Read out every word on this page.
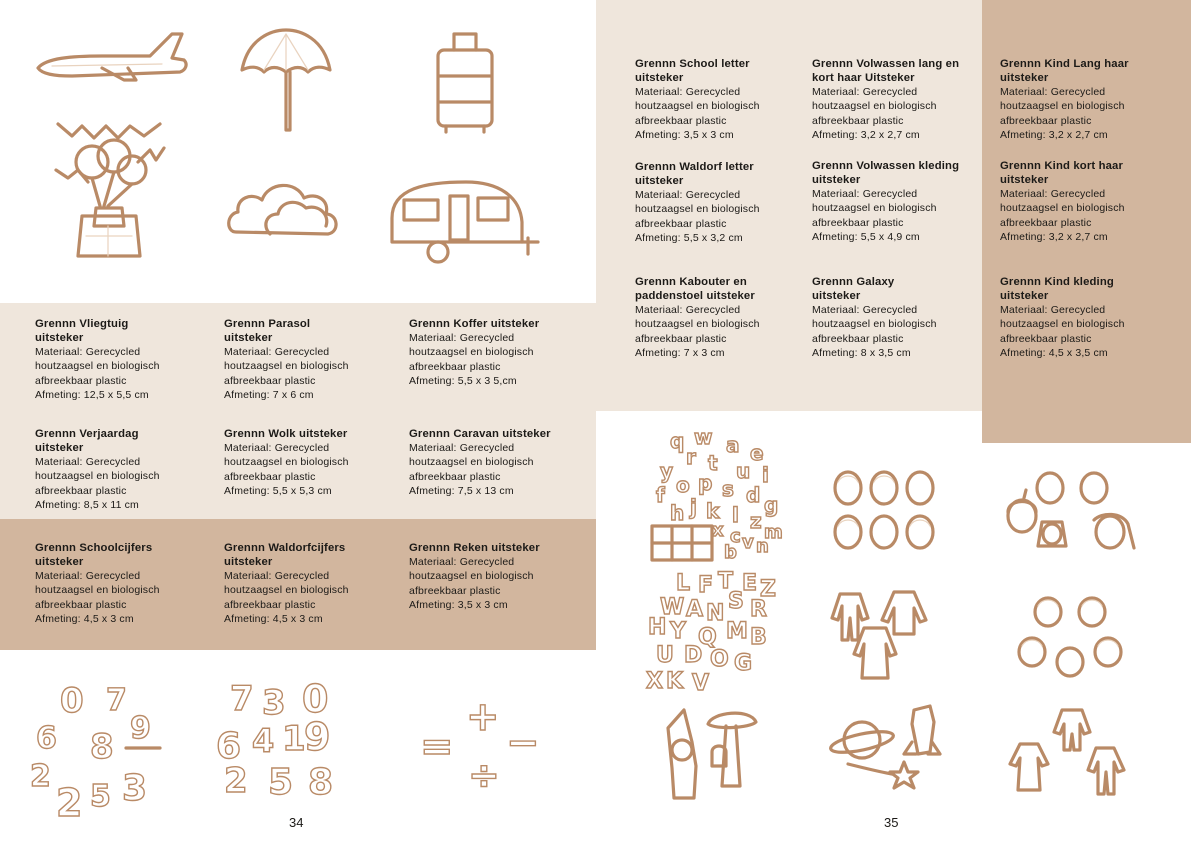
Grennn Vliegtuig
uitsteker
Materiaal: Gerecycled
houtzaagsel en biologisch
afbreekbaar plastic
Afmeting: 12,5 x 5,5 cm
Grennn Parasol
uitsteker
Materiaal: Gerecycled
houtzaagsel en biologisch
afbreekbaar plastic
Afmeting: 7 x 6 cm
Grennn Koffer uitsteker
Materiaal: Gerecycled
houtzaagsel en biologisch
afbreekbaar plastic
Afmeting: 5,5 x 3 5,cm
Grennn Verjaardag
uitsteker
Materiaal: Gerecycled
houtzaagsel en biologisch
afbreekbaar plastic
Afmeting: 8,5 x 11 cm
Grennn Wolk uitsteker
Materiaal: Gerecycled
houtzaagsel en biologisch
afbreekbaar plastic
Afmeting: 5,5 x 5,3 cm
Grennn Caravan uitsteker
Materiaal: Gerecycled
houtzaagsel en biologisch
afbreekbaar plastic
Afmeting: 7,5 x 13 cm
Grennn Schoolcijfers
uitsteker
Materiaal: Gerecycled
houtzaagsel en biologisch
afbreekbaar plastic
Afmeting: 4,5 x 3 cm
Grennn Waldorfcijfers
uitsteker
Materiaal: Gerecycled
houtzaagsel en biologisch
afbreekbaar plastic
Afmeting: 4,5 x 3 cm
Grennn Reken uitsteker
Materiaal: Gerecycled
houtzaagsel en biologisch
afbreekbaar plastic
Afmeting: 3,5 x 3 cm
0 7
9
8
6
2
2 3
5
7 3 0
6 4 1
9
2 5 8
+
−
=
÷
34
Grennn School letter
uitsteker
Materiaal: Gerecycled
houtzaagsel en biologisch
afbreekbaar plastic
Afmeting: 3,5 x 3 cm
Grennn Volwassen lang en
kort haar Uitsteker
Materiaal: Gerecycled
houtzaagsel en biologisch
afbreekbaar plastic
Afmeting: 3,2 x 2,7 cm
Grennn Kind Lang haar
uitsteker
Materiaal: Gerecycled
houtzaagsel en biologisch
afbreekbaar plastic
Afmeting: 3,2 x 2,7 cm
Grennn Waldorf letter
uitsteker
Materiaal: Gerecycled
houtzaagsel en biologisch
afbreekbaar plastic
Afmeting: 5,5 x 3,2 cm
Grennn Volwassen kleding
uitsteker
Materiaal: Gerecycled
houtzaagsel en biologisch
afbreekbaar plastic
Afmeting: 5,5 x 4,9 cm
Grennn Kind kort haar
uitsteker
Materiaal: Gerecycled
houtzaagsel en biologisch
afbreekbaar plastic
Afmeting: 3,2 x 2,7 cm
Grennn Kabouter en
paddenstoel uitsteker
Materiaal: Gerecycled
houtzaagsel en biologisch
afbreekbaar plastic
Afmeting: 7 x 3 cm
Grennn Galaxy
uitsteker
Materiaal: Gerecycled
houtzaagsel en biologisch
afbreekbaar plastic
Afmeting: 8 x 3,5 cm
Grennn Kind kleding
uitsteker
Materiaal: Gerecycled
houtzaagsel en biologisch
afbreekbaar plastic
Afmeting: 4,5 x 3,5 cm
q w a e
r t
y	u i
o p s d
f	g
h j k l z
x c v
b n
m
L F T E Z
S R
H
W A N
Y
K
M B
U D
X
Q
O G
V
35
